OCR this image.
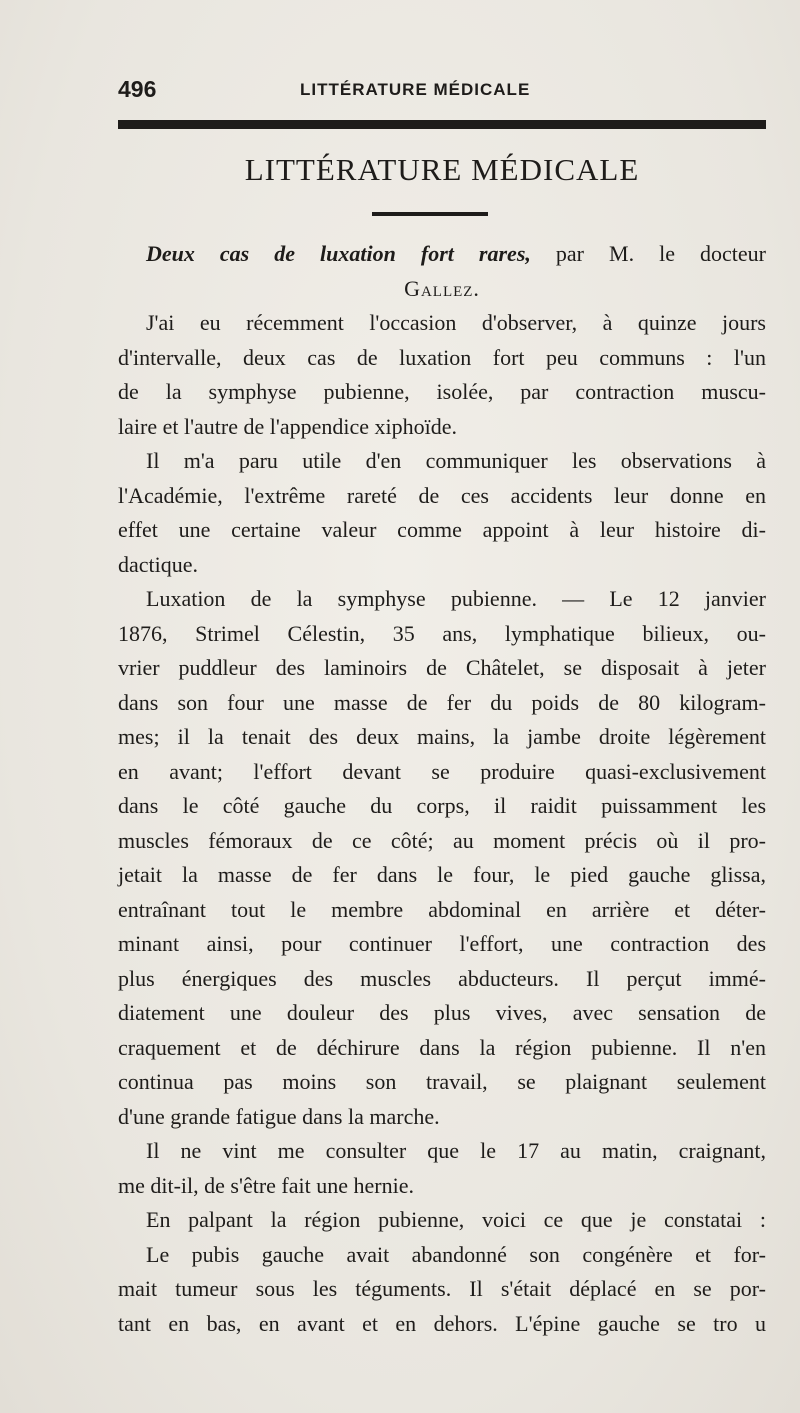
496	LITTÉRATURE MÉDICALE
LITTÉRATURE MÉDICALE

Deux cas de luxation fort rares, par M. le docteur

Gallez.

J'ai eu récemment l'occasion d'observer, à quinze jours

d'intervalle, deux cas de luxation fort peu communs : l'un

de la symphyse pubienne, isolée, par contraction muscu-

laire et l'autre de l'appendice xiphoïde.

Il m'a paru utile d'en communiquer les observations à

l'Académie, l'extrême rareté de ces accidents leur donne en

effet une certaine valeur comme appoint à leur histoire di-

dactique.

Luxation de la symphyse pubienne. — Le 12 janvier

1876, Strimel Célestin, 35 ans, lymphatique bilieux, ou-

vrier puddleur des laminoirs de Châtelet, se disposait à jeter

dans son four une masse de fer du poids de 80 kilogram-

mes; il la tenait des deux mains, la jambe droite légèrement

en avant; l'effort devant se produire quasi-exclusivement

dans le côté gauche du corps, il raidit puissamment les

muscles fémoraux de ce côté; au moment précis où il pro-

jetait la masse de fer dans le four, le pied gauche glissa,

entraînant tout le membre abdominal en arrière et déter-

minant ainsi, pour continuer l'effort, une contraction des

plus énergiques des muscles abducteurs. Il perçut immé-

diatement une douleur des plus vives, avec sensation de

craquement et de déchirure dans la région pubienne. Il n'en

continua pas moins son travail, se plaignant seulement

d'une grande fatigue dans la marche.

Il ne vint me consulter que le 17 au matin, craignant,

me dit-il, de s'être fait une hernie.

En palpant la région pubienne, voici ce que je constatai :

Le pubis gauche avait abandonné son congénère et for-

mait tumeur sous les téguments. Il s'était déplacé en se por-

tant en bas, en avant et en dehors. L'épine gauche se tro u
